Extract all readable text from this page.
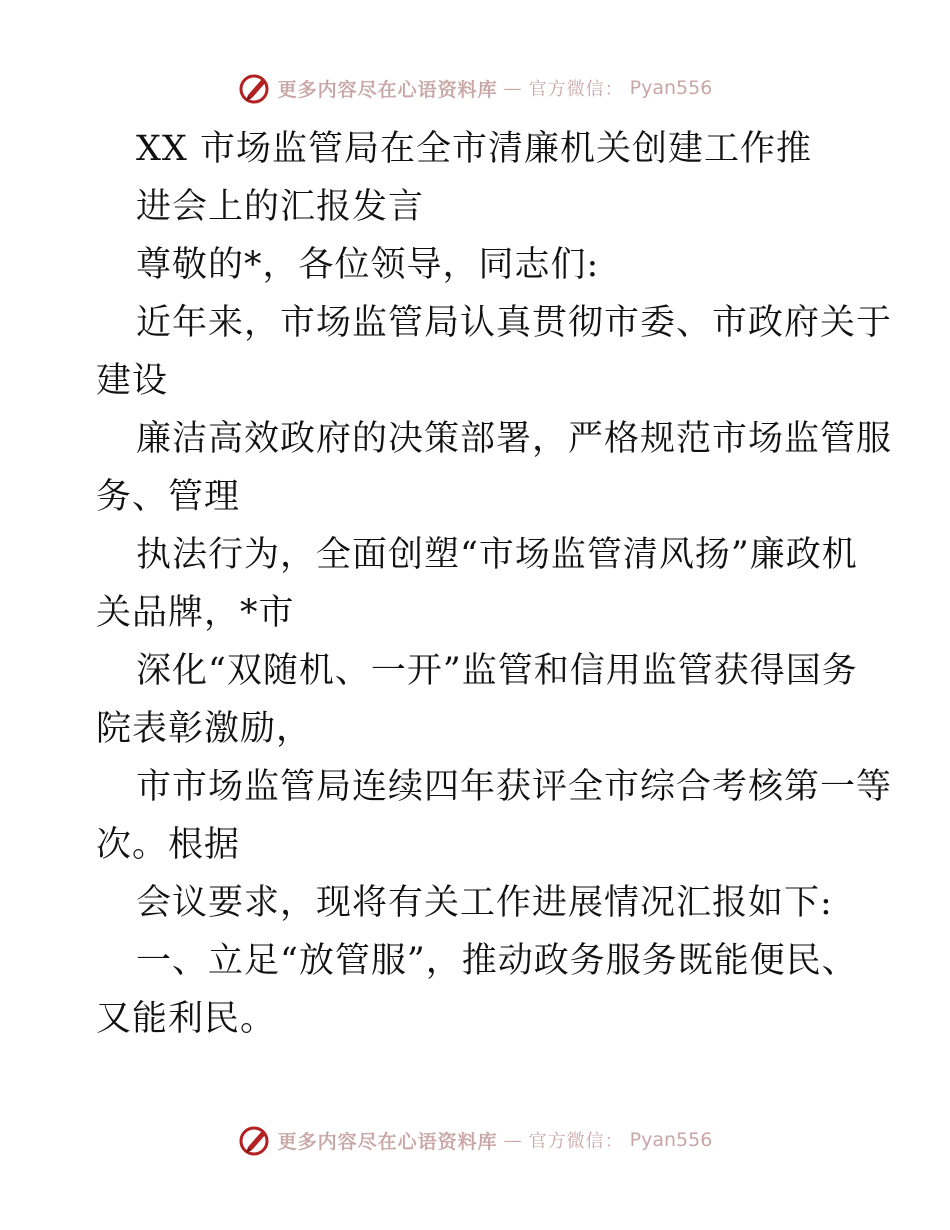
更多内容尽在心语资料库 — 官方微信： Pyan556
XX 市场监管局在全市清廉机关创建工作推
进会上的汇报发言
尊敬的*，各位领导，同志们:
近年来，市场监管局认真贯彻市委、市政府关于
建设
廉洁高效政府的决策部署，严格规范市场监管服
务、管理
执法行为，全面创塑“市场监管清风扬”廉政机
关品牌，*市
深化“双随机、一开”监管和信用监管获得国务
院表彰激励，
市市场监管局连续四年获评全市综合考核第一等
次。根据
会议要求，现将有关工作进展情况汇报如下:
一、立足“放管服”，推动政务服务既能便民、
又能利民。
更多内容尽在心语资料库 — 官方微信： Pyan556
